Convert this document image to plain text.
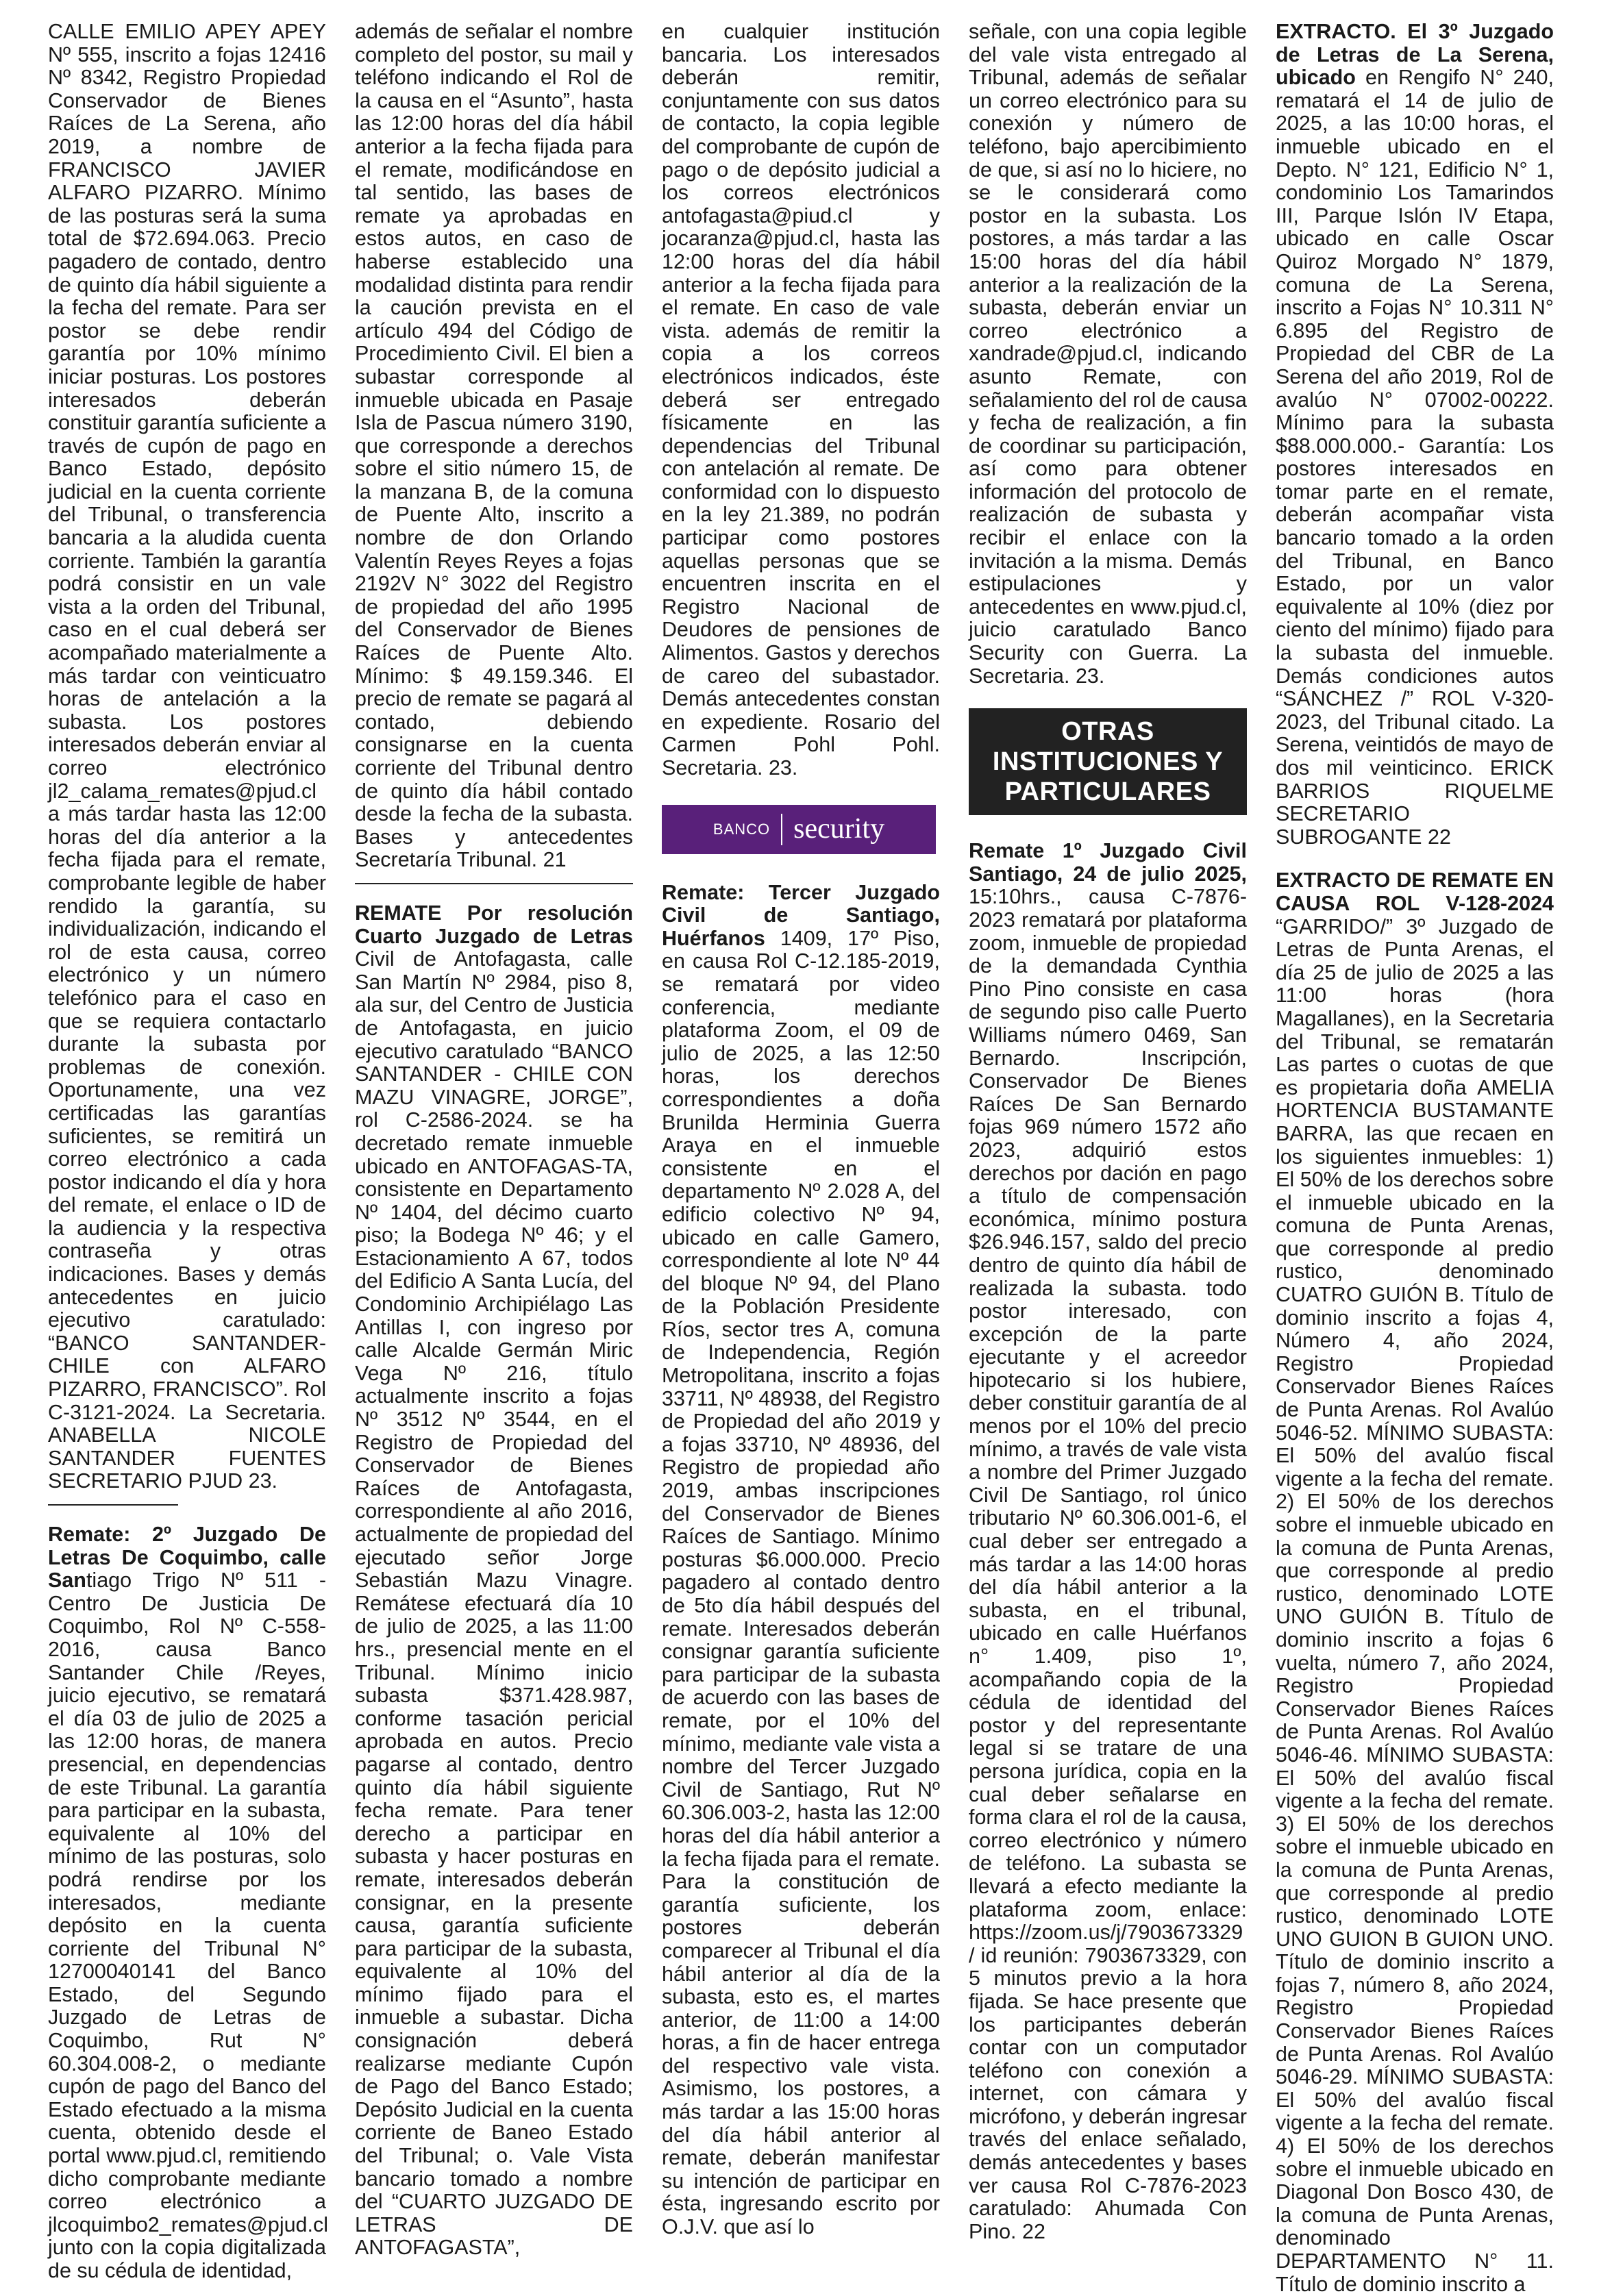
CALLE EMILIO APEY APEY Nº 555, inscrito a fojas 12416 Nº 8342, Registro Propiedad Conservador de Bienes Raíces de La Serena, año 2019, a nombre de FRANCISCO JAVIER ALFARO PIZARRO. Mínimo de las posturas será la suma total de $72.694.063. Precio pagadero de contado, dentro de quinto día hábil siguiente a la fecha del remate. Para ser postor se debe rendir garantía por 10% mínimo iniciar posturas. Los postores interesados deberán constituir garantía suficiente a través de cupón de pago en Banco Estado, depósito judicial en la cuenta corriente del Tribunal, o transferencia bancaria a la aludida cuenta corriente. También la garantía podrá consistir en un vale vista a la orden del Tribunal, caso en el cual deberá ser acompañado materialmente a más tardar con veinticuatro horas de antelación a la subasta. Los postores interesados deberán enviar al correo electrónico jl2_calama_remates@pjud.cl a más tardar hasta las 12:00 horas del día anterior a la fecha fijada para el remate, comprobante legible de haber rendido la garantía, su individualización, indicando el rol de esta causa, correo electrónico y un número telefónico para el caso en que se requiera contactarlo durante la subasta por problemas de conexión. Oportunamente, una vez certificadas las garantías suficientes, se remitirá un correo electrónico a cada postor indicando el día y hora del remate, el enlace o ID de la audiencia y la respectiva contraseña y otras indicaciones. Bases y demás antecedentes en juicio ejecutivo caratulado: “BANCO SANTANDER- CHILE con ALFARO PIZARRO, FRANCISCO”. Rol C-3121-2024. La Secretaria. ANABELLA NICOLE SANTANDER FUENTES SECRETARIO PJUD 23.

Remate: 2º Juzgado De Letras De Coquimbo, calle Santiago Trigo Nº 511 - Centro De Justicia De Coquimbo, Rol Nº C-558-2016, causa Banco Santander Chile /Reyes, juicio ejecutivo, se rematará el día 03 de julio de 2025 a las 12:00 horas, de manera presencial, en dependencias de este Tribunal. La garantía para participar en la subasta, equivalente al 10% del mínimo de las posturas, solo podrá rendirse por los interesados, mediante depósito en la cuenta corriente del Tribunal N° 12700040141 del Banco Estado, del Segundo Juzgado de Letras de Coquimbo, Rut N° 60.304.008-2, o mediante cupón de pago del Banco del Estado efectuado a la misma cuenta, obtenido desde el portal www.pjud.cl, remitiendo dicho comprobante mediante correo electrónico a jlcoquimbo2_remates@pjud.cl junto con la copia digitalizada de su cédula de identidad,

además de señalar el nombre completo del postor, su mail y teléfono indicando el Rol de la causa en el “Asunto”, hasta las 12:00 horas del día hábil anterior a la fecha fijada para el remate, modificándose en tal sentido, las bases de remate ya aprobadas en estos autos, en caso de haberse establecido una modalidad distinta para rendir la caución prevista en el artículo 494 del Código de Procedimiento Civil. El bien a subastar corresponde al inmueble ubicada en Pasaje Isla de Pascua número 3190, que corresponde a derechos sobre el sitio número 15, de la manzana B, de la comuna de Puente Alto, inscrito a nombre de don Orlando Valentín Reyes Reyes a fojas 2192V N° 3022 del Registro de propiedad del año 1995 del Conservador de Bienes Raíces de Puente Alto. Mínimo: $ 49.159.346. El precio de remate se pagará al contado, debiendo consignarse en la cuenta corriente del Tribunal dentro de quinto día hábil contado desde la fecha de la subasta. Bases y antecedentes Secretaría Tribunal. 21

REMATE Por resolución Cuarto Juzgado de Letras Civil de Antofagasta, calle San Martín Nº 2984, piso 8, ala sur, del Centro de Justicia de Antofagasta, en juicio ejecutivo caratulado “BANCO SANTANDER - CHILE CON MAZU VINAGRE, JORGE”, rol C-2586-2024. se ha decretado remate inmueble ubicado en ANTOFAGAS-TA, consistente en Departamento Nº 1404, del décimo cuarto piso; la Bodega Nº 46; y el Estacionamiento A 67, todos del Edificio A Santa Lucía, del Condominio Archipiélago Las Antillas I, con ingreso por calle Alcalde Germán Miric Vega Nº 216, título actualmente inscrito a fojas Nº 3512 Nº 3544, en el Registro de Propiedad del Conservador de Bienes Raíces de Antofagasta, correspondiente al año 2016, actualmente de propiedad del ejecutado señor Jorge Sebastián Mazu Vinagre. Remátese efectuará día 10 de julio de 2025, a las 11:00 hrs., presencial mente en el Tribunal. Mínimo inicio subasta $371.428.987, conforme tasación pericial aprobada en autos. Precio pagarse al contado, dentro quinto día hábil siguiente fecha remate. Para tener derecho a participar en subasta y hacer posturas en remate, interesados deberán consignar, en la presente causa, garantía suficiente para participar de la subasta, equivalente al 10% del mínimo fijado para el inmueble a subastar. Dicha consignación deberá realizarse mediante Cupón de Pago del Banco Estado; Depósito Judicial en la cuenta corriente de Baneo Estado del Tribunal; o. Vale Vista bancario tomado a nombre del “CUARTO JUZGADO DE LETRAS DE ANTOFAGASTA”,

en cualquier institución bancaria. Los interesados deberán remitir, conjuntamente con sus datos de contacto, la copia legible del comprobante de cupón de pago o de depósito judicial a los correos electrónicos antofagasta@piud.cl y jocaranza@pjud.cl, hasta las 12:00 horas del día hábil anterior a la fecha fijada para el remate. En caso de vale vista. además de remitir la copia a los correos electrónicos indicados, éste deberá ser entregado físicamente en las dependencias del Tribunal con antelación al remate. De conformidad con lo dispuesto en la ley 21.389, no podrán participar como postores aquellas personas que se encuentren inscrita en el Registro Nacional de Deudores de pensiones de Alimentos. Gastos y derechos de careo del subastador. Demás antecedentes constan en expediente. Rosario del Carmen Pohl Pohl. Secretaria. 23.

BANCO security

Remate: Tercer Juzgado Civil de Santiago, Huérfanos 1409, 17º Piso, en causa Rol C-12.185-2019, se rematará por video conferencia, mediante plataforma Zoom, el 09 de julio de 2025, a las 12:50 horas, los derechos correspondientes a doña Brunilda Herminia Guerra Araya en el inmueble consistente en el departamento Nº 2.028 A, del edificio colectivo Nº 94, ubicado en calle Gamero, correspondiente al lote Nº 44 del bloque Nº 94, del Plano de la Población Presidente Ríos, sector tres A, comuna de Independencia, Región Metropolitana, inscrito a fojas 33711, Nº 48938, del Registro de Propiedad del año 2019 y a fojas 33710, Nº 48936, del Registro de propiedad año 2019, ambas inscripciones del Conservador de Bienes Raíces de Santiago. Mínimo posturas $6.000.000. Precio pagadero al contado dentro de 5to día hábil después del remate. Interesados deberán consignar garantía suficiente para participar de la subasta de acuerdo con las bases de remate, por el 10% del mínimo, mediante vale vista a nombre del Tercer Juzgado Civil de Santiago, Rut Nº 60.306.003-2, hasta las 12:00 horas del día hábil anterior a la fecha fijada para el remate. Para la constitución de garantía suficiente, los postores deberán comparecer al Tribunal el día hábil anterior al día de la subasta, esto es, el martes anterior, de 11:00 a 14:00 horas, a fin de hacer entrega del respectivo vale vista. Asimismo, los postores, a más tardar a las 15:00 horas del día hábil anterior al remate, deberán manifestar su intención de participar en ésta, ingresando escrito por O.J.V. que así lo

señale, con una copia legible del vale vista entregado al Tribunal, además de señalar un correo electrónico para su conexión y número de teléfono, bajo apercibimiento de que, si así no lo hiciere, no se le considerará como postor en la subasta. Los postores, a más tardar a las 15:00 horas del día hábil anterior a la realización de la subasta, deberán enviar un correo electrónico a xandrade@pjud.cl, indicando asunto Remate, con señalamiento del rol de causa y fecha de realización, a fin de coordinar su participación, así como para obtener información del protocolo de realización de subasta y recibir el enlace con la invitación a la misma. Demás estipulaciones y antecedentes en www.pjud.cl, juicio caratulado Banco Security con Guerra. La Secretaria. 23.

OTRAS INSTITUCIONES Y PARTICULARES

Remate 1º Juzgado Civil Santiago, 24 de julio 2025, 15:10hrs., causa C-7876-2023 rematará por plataforma zoom, inmueble de propiedad de la demandada Cynthia Pino Pino consiste en casa de segundo piso calle Puerto Williams número 0469, San Bernardo. Inscripción, Conservador De Bienes Raíces De San Bernardo fojas 969 número 1572 año 2023, adquirió estos derechos por dación en pago a título de compensación económica, mínimo postura $26.946.157, saldo del precio dentro de quinto día hábil de realizada la subasta. todo postor interesado, con excepción de la parte ejecutante y el acreedor hipotecario si los hubiere, deber constituir garantía de al menos por el 10% del precio mínimo, a través de vale vista a nombre del Primer Juzgado Civil De Santiago, rol único tributario Nº 60.306.001-6, el cual deber ser entregado a más tardar a las 14:00 horas del día hábil anterior a la subasta, en el tribunal, ubicado en calle Huérfanos n° 1.409, piso 1º, acompañando copia de la cédula de identidad del postor y del representante legal si se tratare de una persona jurídica, copia en la cual deber señalarse en forma clara el rol de la causa, correo electrónico y número de teléfono. La subasta se llevará a efecto mediante la plataforma zoom, enlace: https://zoom.us/j/7903673329 / id reunión: 7903673329, con 5 minutos previo a la hora fijada. Se hace presente que los participantes deberán contar con un computador teléfono con conexión a internet, con cámara y micrófono, y deberán ingresar través del enlace señalado, demás antecedentes y bases ver causa Rol C-7876-2023 caratulado: Ahumada Con Pino. 22

EXTRACTO. El 3º Juzgado de Letras de La Serena, ubicado en Rengifo N° 240, rematará el 14 de julio de 2025, a las 10:00 horas, el inmueble ubicado en el Depto. N° 121, Edificio N° 1, condominio Los Tamarindos III, Parque Islón IV Etapa, ubicado en calle Oscar Quiroz Morgado N° 1879, comuna de La Serena, inscrito a Fojas N° 10.311 N° 6.895 del Registro de Propiedad del CBR de La Serena del año 2019, Rol de avalúo N° 07002-00222. Mínimo para la subasta $88.000.000.- Garantía: Los postores interesados en tomar parte en el remate, deberán acompañar vista bancario tomado a la orden del Tribunal, en Banco Estado, por un valor equivalente al 10% (diez por ciento del mínimo) fijado para la subasta del inmueble. Demás condiciones autos “SÁNCHEZ /” ROL V-320-2023, del Tribunal citado. La Serena, veintidós de mayo de dos mil veinticinco. ERICK BARRIOS RIQUELME SECRETARIO SUBROGANTE 22

EXTRACTO DE REMATE EN CAUSA ROL V-128-2024 “GARRIDO/” 3º Juzgado de Letras de Punta Arenas, el día 25 de julio de 2025 a las 11:00 horas (hora Magallanes), en la Secretaria del Tribunal, se rematarán Las partes o cuotas de que es propietaria doña AMELIA HORTENCIA BUSTAMANTE BARRA, las que recaen en los siguientes inmuebles: 1) El 50% de los derechos sobre el inmueble ubicado en la comuna de Punta Arenas, que corresponde al predio rustico, denominado CUATRO GUIÓN B. Título de dominio inscrito a fojas 4, Número 4, año 2024, Registro Propiedad Conservador Bienes Raíces de Punta Arenas. Rol Avalúo 5046-52. MÍNIMO SUBASTA: El 50% del avalúo fiscal vigente a la fecha del remate. 2) El 50% de los derechos sobre el inmueble ubicado en la comuna de Punta Arenas, que corresponde al predio rustico, denominado LOTE UNO GUIÓN B. Título de dominio inscrito a fojas 6 vuelta, número 7, año 2024, Registro Propiedad Conservador Bienes Raíces de Punta Arenas. Rol Avalúo 5046-46. MÍNIMO SUBASTA: El 50% del avalúo fiscal vigente a la fecha del remate. 3) El 50% de los derechos sobre el inmueble ubicado en la comuna de Punta Arenas, que corresponde al predio rustico, denominado LOTE UNO GUION B GUION UNO. Título de dominio inscrito a fojas 7, número 8, año 2024, Registro Propiedad Conservador Bienes Raíces de Punta Arenas. Rol Avalúo 5046-29. MÍNIMO SUBASTA: El 50% del avalúo fiscal vigente a la fecha del remate. 4) El 50% de los derechos sobre el inmueble ubicado en Diagonal Don Bosco 430, de la comuna de Punta Arenas, denominado DEPARTAMENTO N° 11. Título de dominio inscrito a
